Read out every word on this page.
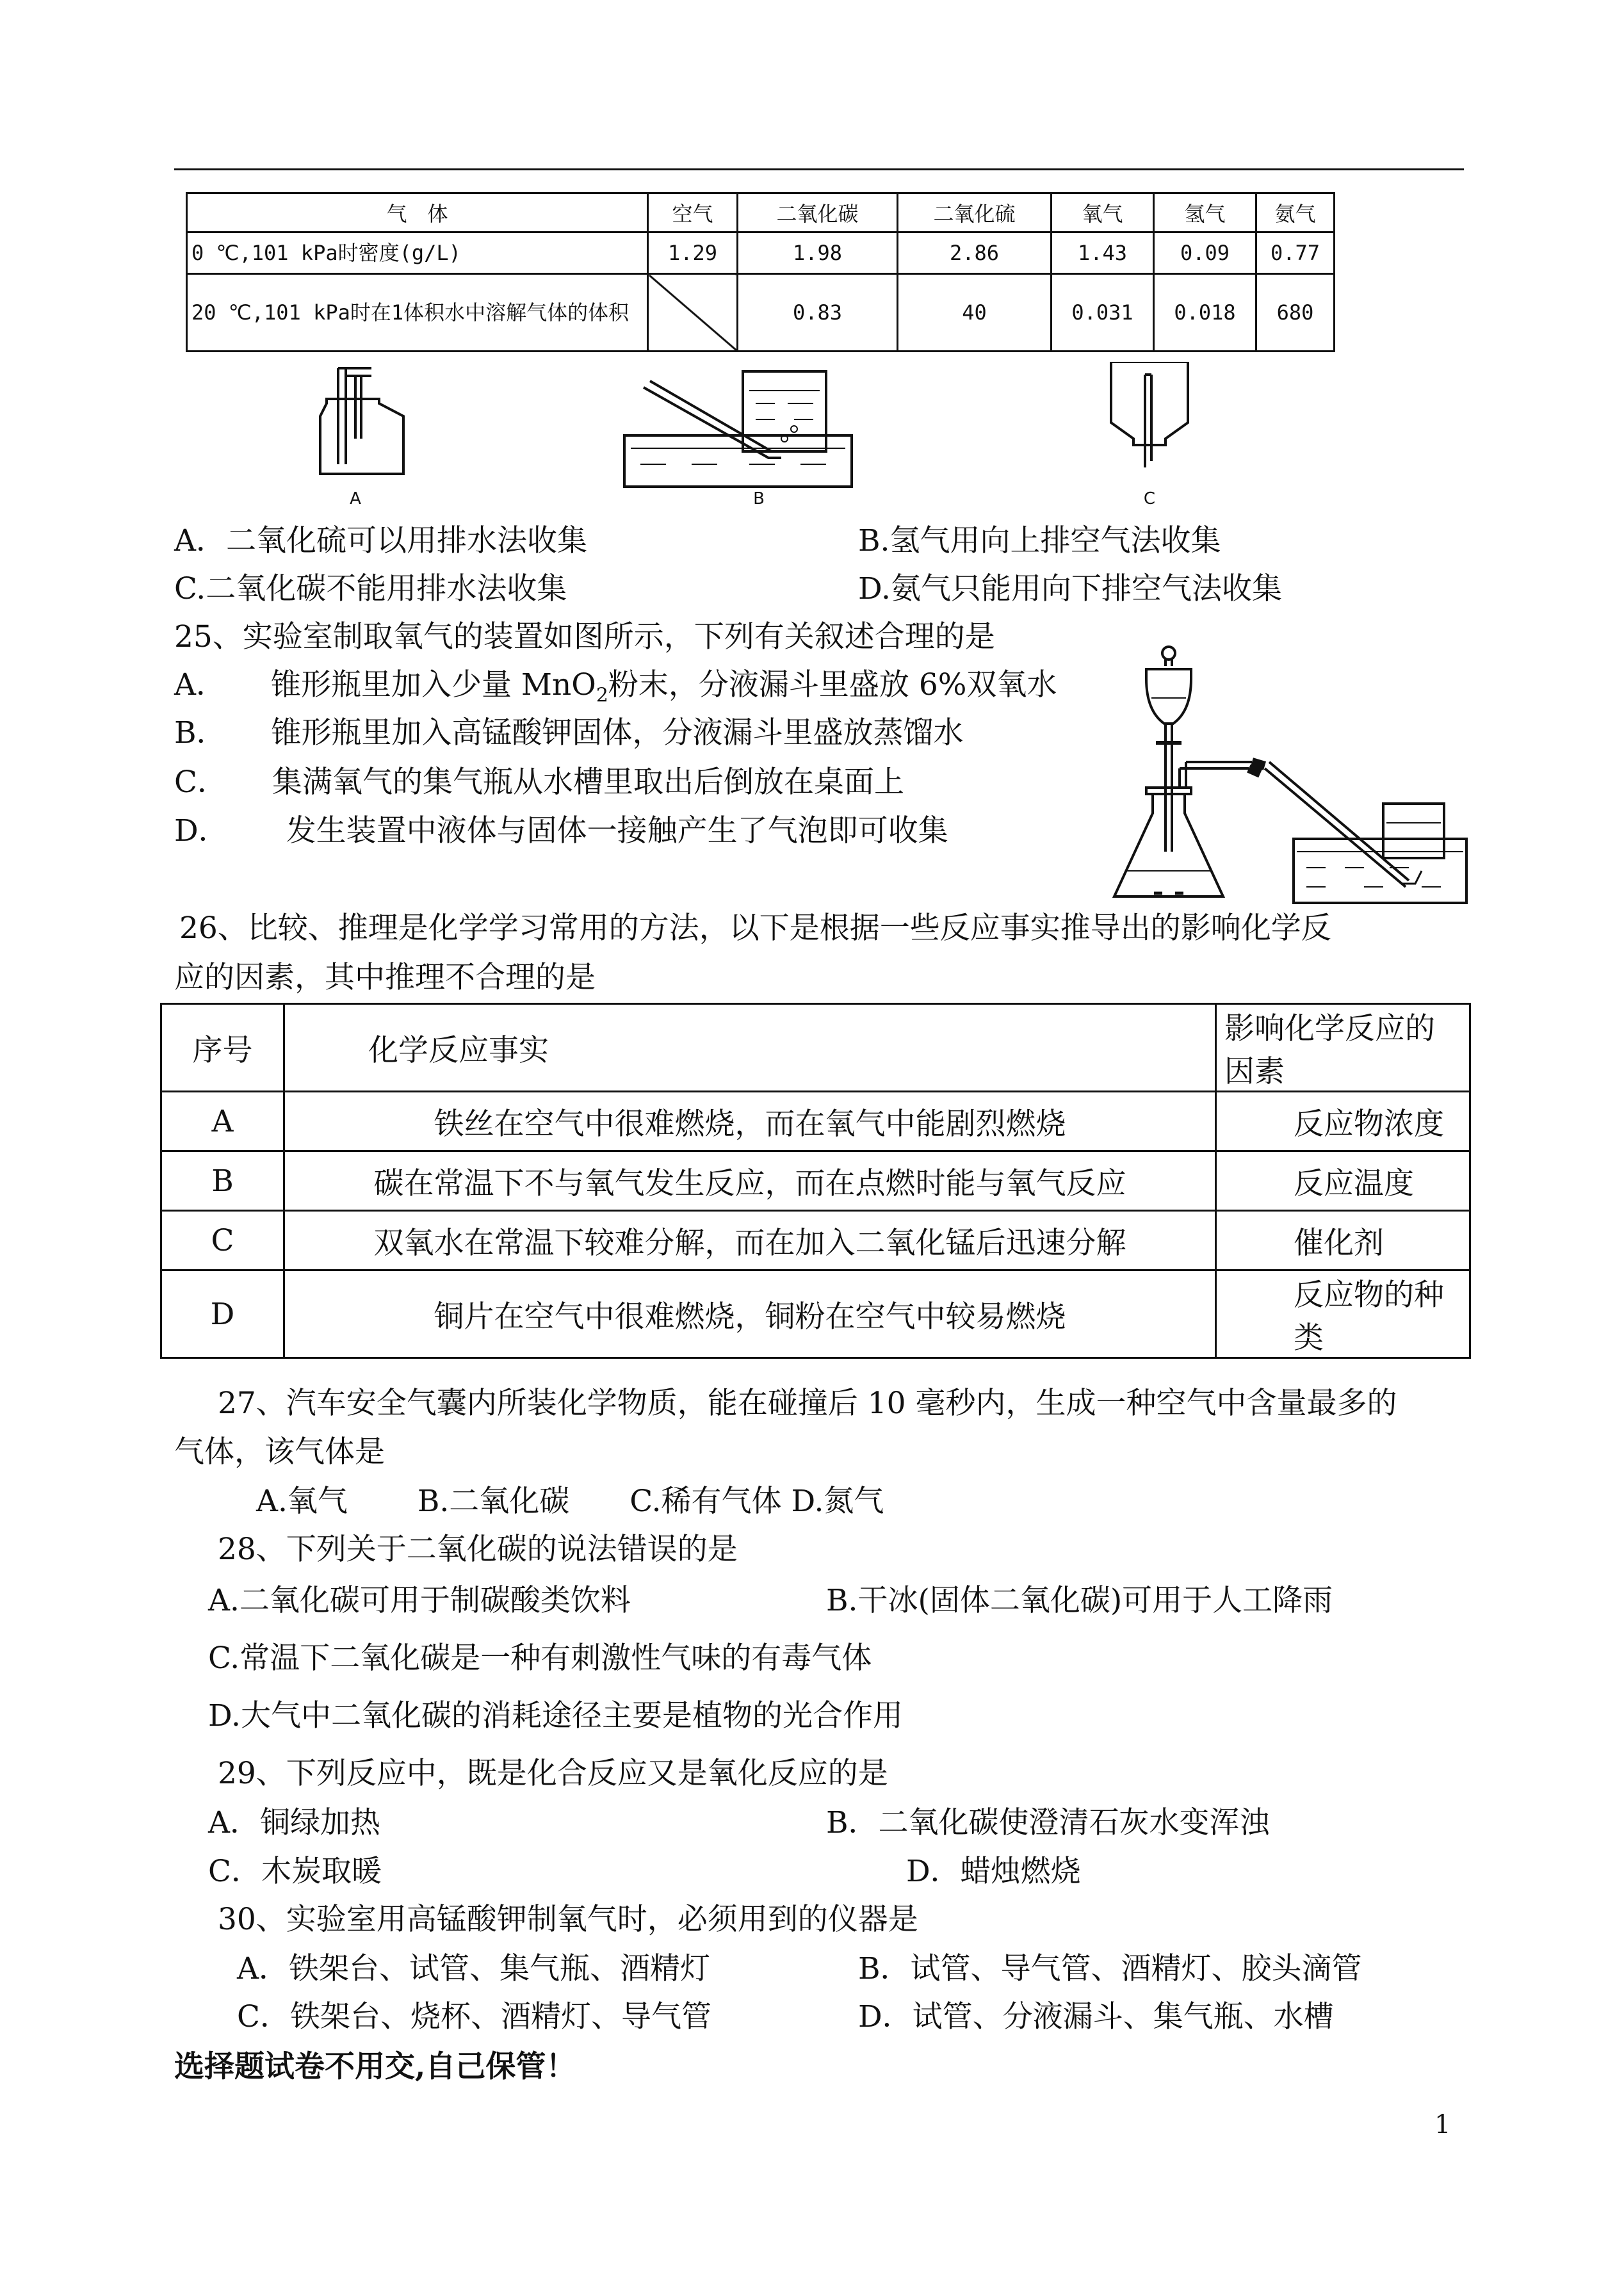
气　体	空气	二氧化碳	二氧化硫	氧气	氢气	氨气
0 ℃,101 kPa时密度(g/L)	1.29	1.98	2.86	1.43	0.09	0.77
20 ℃,101 kPa时在1体积水中溶解气体的体积		0.83	40	0.031	0.018	680
A	B	C
A．二氧化硫可以用排水法收集	B.氢气用向上排空气法收集
C.二氧化碳不能用排水法收集	D.氨气只能用向下排空气法收集
25、实验室制取氧气的装置如图所示，下列有关叙述合理的是
A． 锥形瓶里加入少量 MnO$_2$粉末，分液漏斗里盛放 6%双氧水
B． 锥形瓶里加入高锰酸钾固体，分液漏斗里盛放蒸馏水
C． 集满氧气的集气瓶从水槽里取出后倒放在桌面上
D． 发生装置中液体与固体一接触产生了气泡即可收集
26、比较、推理是化学学习常用的方法，以下是根据一些反应事实推导出的影响化学反
应的因素，其中推理不合理的是
序号	化学反应事实	影响化学反应的因素
A	铁丝在空气中很难燃烧，而在氧气中能剧烈燃烧	反应物浓度
B	碳在常温下不与氧气发生反应，而在点燃时能与氧气反应	反应温度
C	双氧水在常温下较难分解，而在加入二氧化锰后迅速分解	催化剂
D	铜片在空气中很难燃烧，铜粉在空气中较易燃烧	反应物的种类
27、汽车安全气囊内所装化学物质，能在碰撞后 10 毫秒内，生成一种空气中含量最多的
气体，该气体是
A.氧气　　 B.二氧化碳　　C.稀有气体 D.氮气
28、下列关于二氧化碳的说法错误的是
A.二氧化碳可用于制碳酸类饮料	B.干冰(固体二氧化碳)可用于人工降雨
C.常温下二氧化碳是一种有刺激性气味的有毒气体
D.大气中二氧化碳的消耗途径主要是植物的光合作用
29、下列反应中，既是化合反应又是氧化反应的是
A．铜绿加热	B．二氧化碳使澄清石灰水变浑浊
C．木炭取暖	D．蜡烛燃烧
30、实验室用高锰酸钾制氧气时，必须用到的仪器是
A．铁架台、试管、集气瓶、酒精灯	B．试管、导气管、酒精灯、胶头滴管
C．铁架台、烧杯、酒精灯、导气管	D．试管、分液漏斗、集气瓶、水槽
选择题试卷不用交,自己保管！
1
